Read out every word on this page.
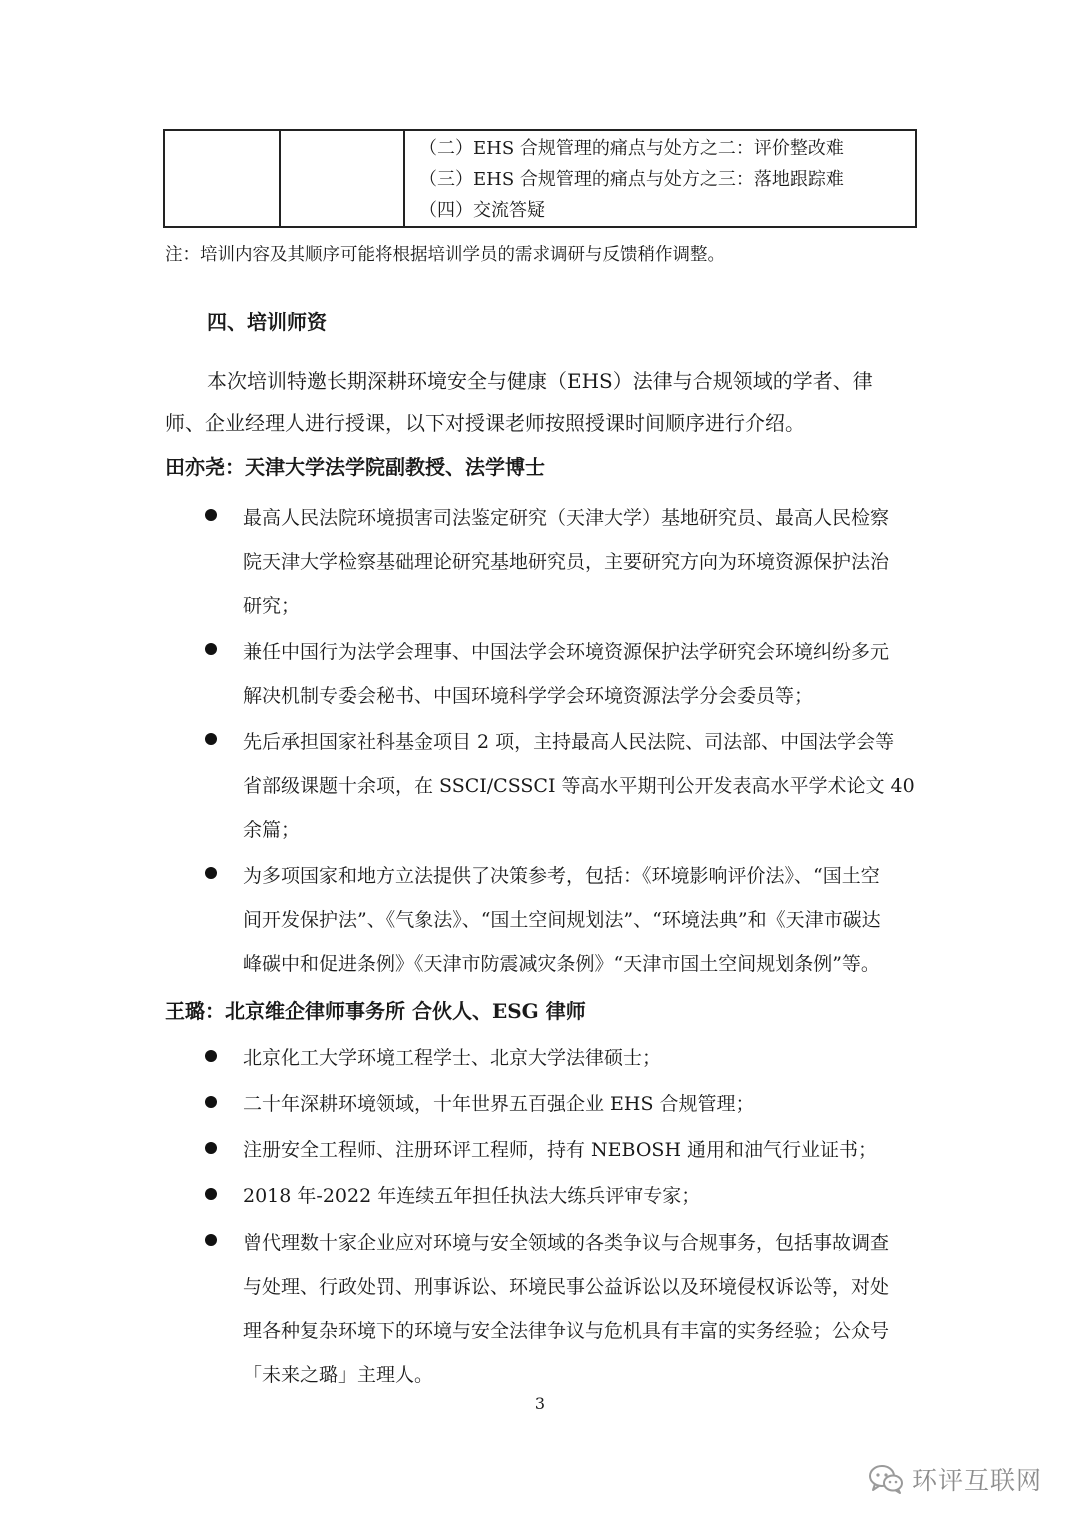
（二）EHS 合规管理的痛点与处方之二：评价整改难
（三）EHS 合规管理的痛点与处方之三：落地跟踪难
（四）交流答疑
注：培训内容及其顺序可能将根据培训学员的需求调研与反馈稍作调整。
四、培训师资
本次培训特邀长期深耕环境安全与健康（EHS）法律与合规领域的学者、律
师、企业经理人进行授课，以下对授课老师按照授课时间顺序进行介绍。
田亦尧：天津大学法学院副教授、法学博士
最高人民法院环境损害司法鉴定研究（天津大学）基地研究员、最高人民检察
院天津大学检察基础理论研究基地研究员，主要研究方向为环境资源保护法治
研究；
兼任中国行为法学会理事、中国法学会环境资源保护法学研究会环境纠纷多元
解决机制专委会秘书、中国环境科学学会环境资源法学分会委员等；
先后承担国家社科基金项目 2 项，主持最高人民法院、司法部、中国法学会等
省部级课题十余项，在 SSCI/CSSCI 等高水平期刊公开发表高水平学术论文 40
余篇；
为多项国家和地方立法提供了决策参考，包括：《环境影响评价法》、“国土空
间开发保护法”、《气象法》、“国土空间规划法”、“环境法典”和《天津市碳达
峰碳中和促进条例》《天津市防震减灾条例》“天津市国土空间规划条例”等。
王璐：北京维企律师事务所 合伙人、ESG 律师
北京化工大学环境工程学士、北京大学法律硕士；
二十年深耕环境领域，十年世界五百强企业 EHS 合规管理；
注册安全工程师、注册环评工程师，持有 NEBOSH 通用和油气行业证书；
2018 年-2022 年连续五年担任执法大练兵评审专家；
曾代理数十家企业应对环境与安全领域的各类争议与合规事务，包括事故调查
与处理、行政处罚、刑事诉讼、环境民事公益诉讼以及环境侵权诉讼等，对处
理各种复杂环境下的环境与安全法律争议与危机具有丰富的实务经验；公众号
「未来之璐」主理人。
3
环评互联网
